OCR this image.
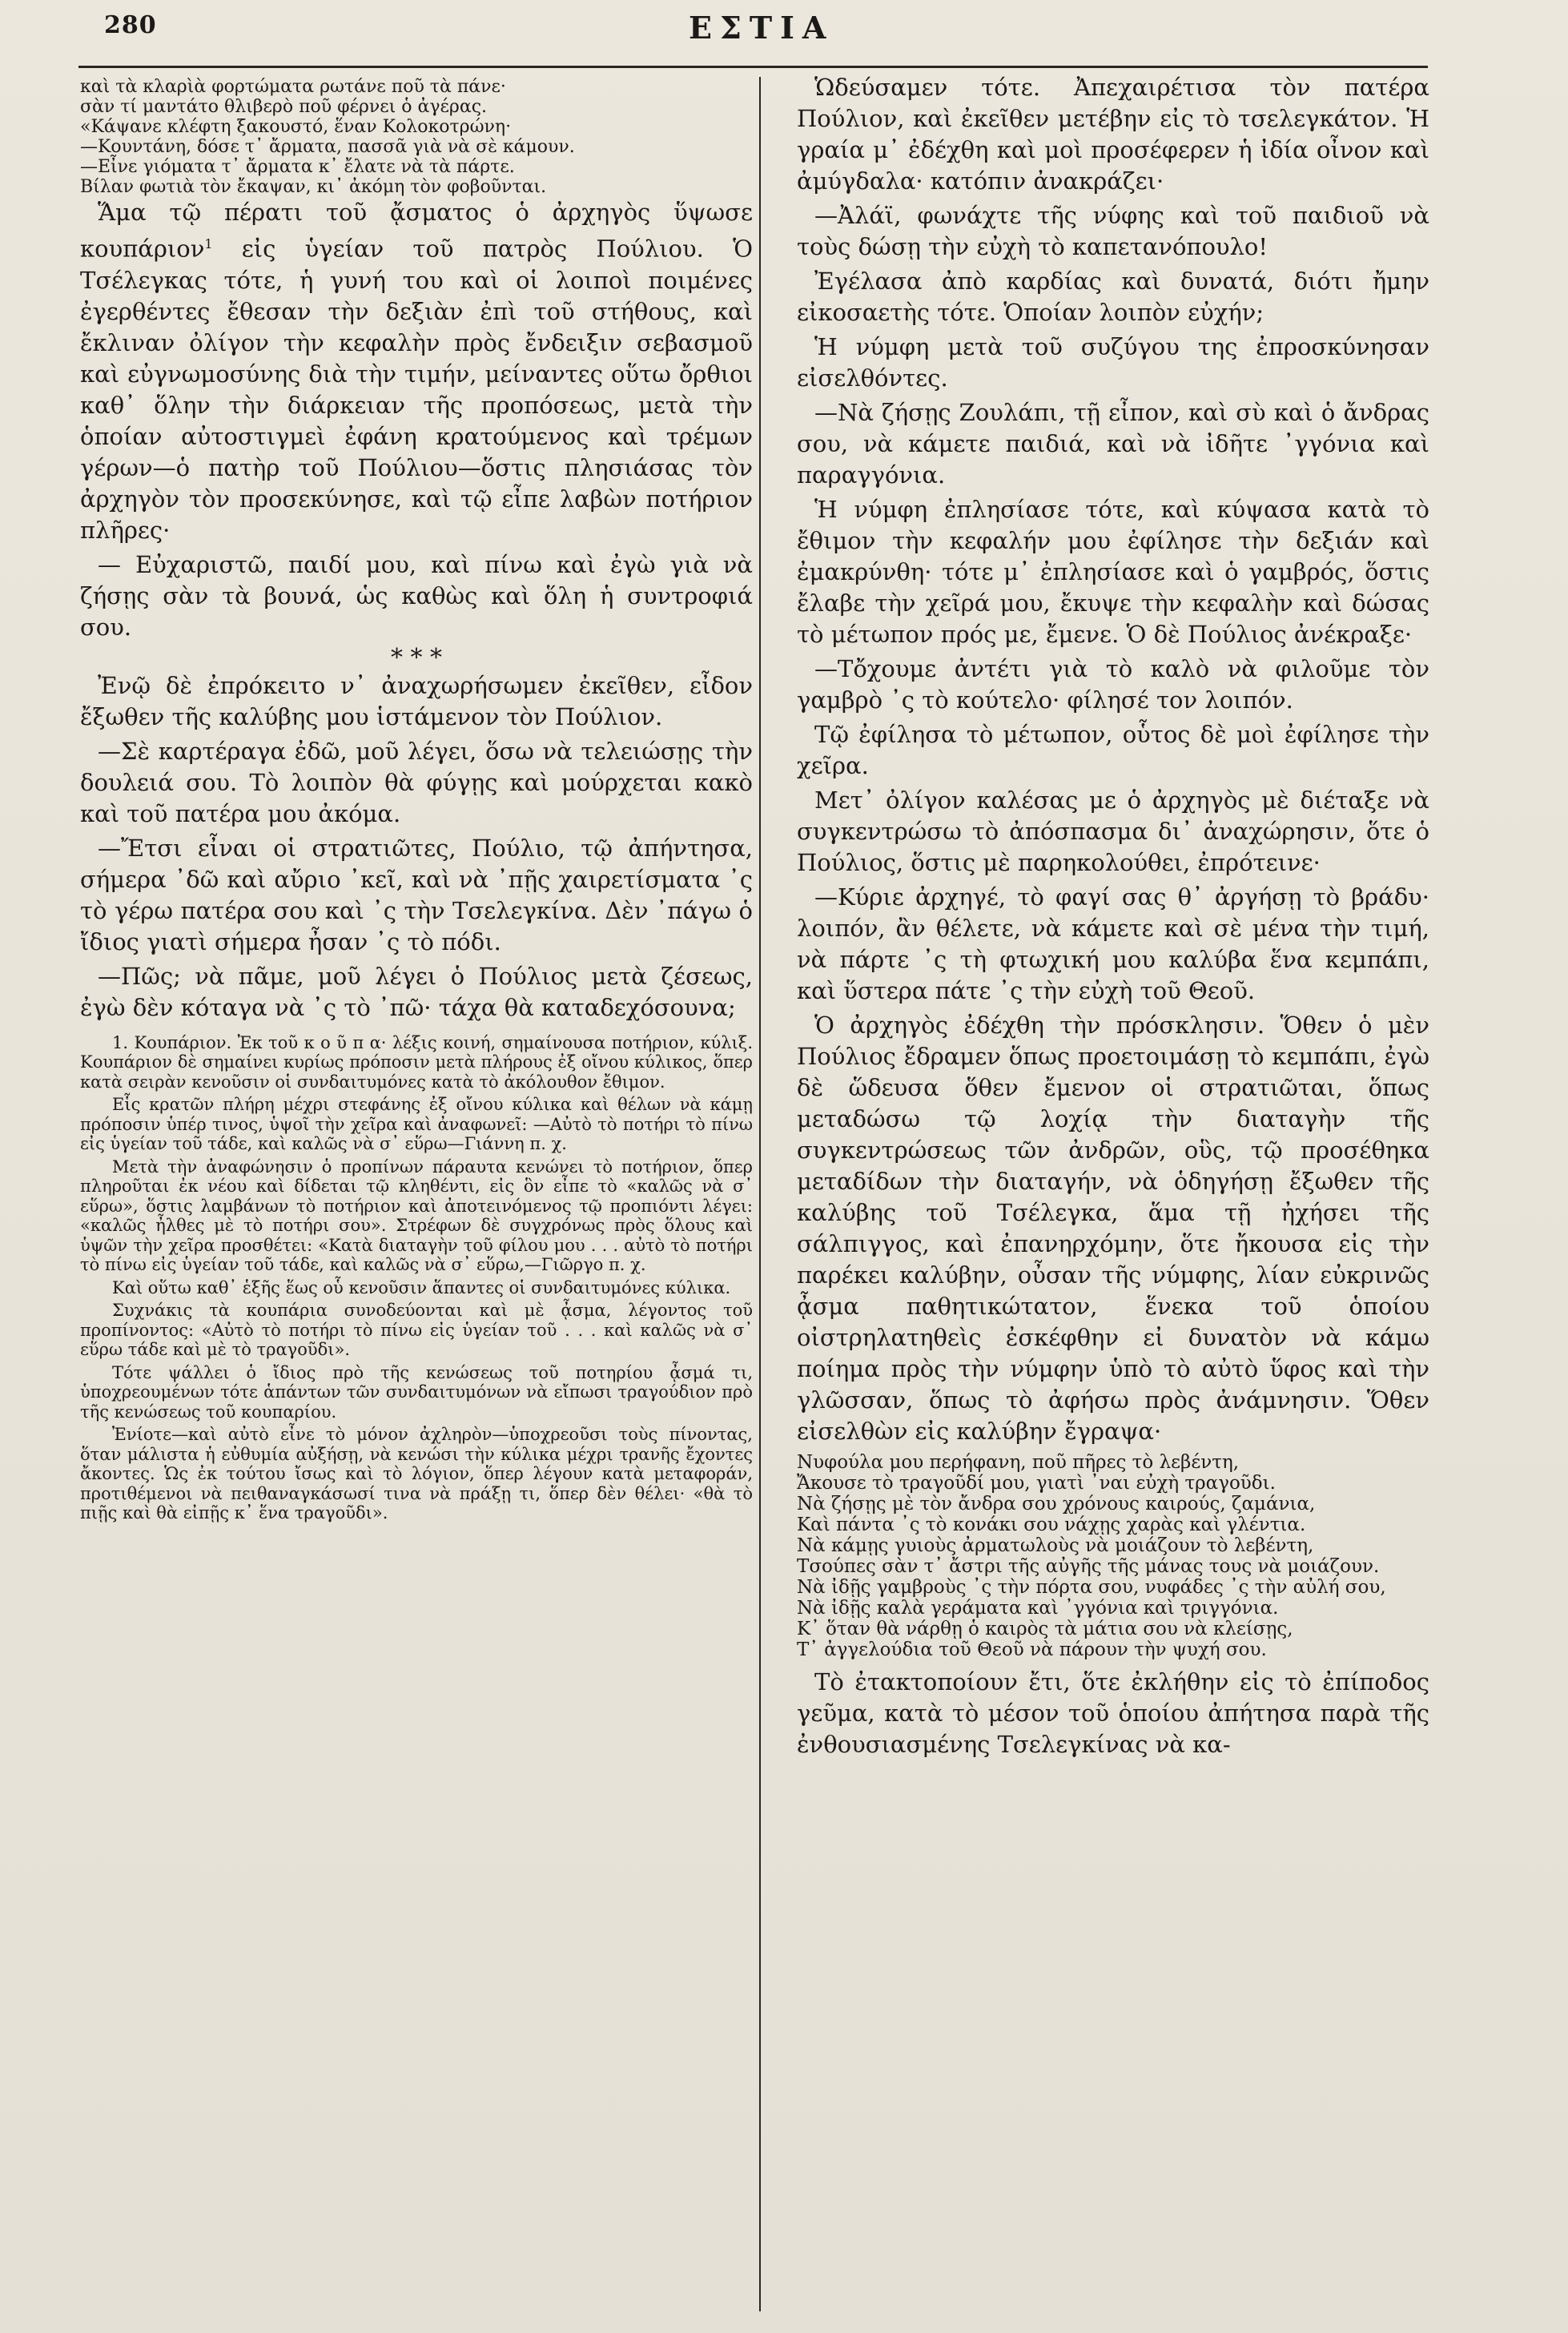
280	ΕΣΤΙΑ

καὶ τὰ κλαρὶὰ φορτώματα ρωτάνε ποῦ τὰ πάνε·
σὰν τί μαντάτο θλιβερὸ ποῦ φέρνει ὁ ἀγέρας.
«Κάψανε κλέφτη ξακουστό, ἕναν Κολοκοτρώνη·
—Κουντάνη, δόσε τ᾽ ἄρματα, πασσᾶ γιὰ νὰ σὲ κάμουν.
—Εἶνε γιόματα τ᾽ ἄρματα κ᾽ ἔλατε νὰ τὰ πάρτε.
Βίλαν φωτιὰ τὸν ἔκαψαν, κι᾽ ἀκόμη τὸν φοβοῦνται.

Ἅμα τῷ πέρατι τοῦ ᾄσματος ὁ ἀρχηγὸς ὕψωσε κουπάριον$^1$ εἰς ὑγείαν τοῦ πατρὸς Πούλιου. Ὁ Τσέλεγκας τότε, ἡ γυνή του καὶ οἱ λοιποὶ ποιμένες ἐγερθέντες ἔθεσαν τὴν δεξιὰν ἐπὶ τοῦ στήθους, καὶ ἔκλιναν ὀλίγον τὴν κεφαλὴν πρὸς ἔνδειξιν σεβασμοῦ καὶ εὐγνωμοσύνης διὰ τὴν τιμήν, μείναντες οὕτω ὄρθιοι καθ᾽ ὅλην τὴν διάρκειαν τῆς προπόσεως, μετὰ τὴν ὁποίαν αὐτοστιγμεὶ ἐφάνη κρατούμενος καὶ τρέμων γέρων—ὁ πατὴρ τοῦ Πούλιου—ὅστις πλησιάσας τὸν ἀρχηγὸν τὸν προσεκύνησε, καὶ τῷ εἶπε λαβὼν ποτήριον πλῆρες·

— Εὐχαριστῶ, παιδί μου, καὶ πίνω καὶ ἐγὼ γιὰ νὰ ζήσῃς σὰν τὰ βουνά, ὡς καθὼς καὶ ὅλη ἡ συντροφιά σου.

* * *

Ἐνῷ δὲ ἐπρόκειτο ν᾽ ἀναχωρήσωμεν ἐκεῖθεν, εἶδον ἔξωθεν τῆς καλύβης μου ἱστάμενον τὸν Πούλιον.

—Σὲ καρτέραγα ἐδῶ, μοῦ λέγει, ὅσω νὰ τελειώσῃς τὴν δουλειά σου. Τὸ λοιπὸν θὰ φύγῃς καὶ μούρχεται κακὸ καὶ τοῦ πατέρα μου ἀκόμα.

—Ἔτσι εἶναι οἱ στρατιῶτες, Πούλιο, τῷ ἀπήντησα, σήμερα ᾽δῶ καὶ αὔριο ᾽κεῖ, καὶ νὰ ᾽πῇς χαιρετίσματα ᾽ς τὸ γέρω πατέρα σου καὶ ᾽ς τὴν Τσελεγκίνα. Δὲν ᾽πάγω ὁ ἴδιος γιατὶ σήμερα ἦσαν ᾽ς τὸ πόδι.

—Πῶς; νὰ πᾶμε, μοῦ λέγει ὁ Πούλιος μετὰ ζέσεως, ἐγὼ δὲν κόταγα νὰ ᾽ς τὸ ᾽πῶ· τάχα θὰ καταδεχόσουνα;

1. Κουπάριον. Ἐκ τοῦ κ ο ῦ π α· λέξις κοινή, σημαίνουσα ποτήριον, κύλιξ. Κουπάριον δὲ σημαίνει κυρίως πρόποσιν μετὰ πλήρους ἐξ οἴνου κύλικος, ὅπερ κατὰ σειρὰν κενοῦσιν οἱ συνδαιτυμόνες κατὰ τὸ ἀκόλουθον ἔθιμον.

Εἷς κρατῶν πλήρη μέχρι στεφάνης ἐξ οἴνου κύλικα καὶ θέλων νὰ κάμῃ πρόποσιν ὑπέρ τινος, ὑψοῖ τὴν χεῖρα καὶ ἀναφωνεῖ: —Αὐτὸ τὸ ποτήρι τὸ πίνω εἰς ὑγείαν τοῦ τάδε, καὶ καλῶς νὰ σ᾽ εὕρω—Γιάννη π. χ.

Μετὰ τὴν ἀναφώνησιν ὁ προπίνων πάραυτα κενώνει τὸ ποτήριον, ὅπερ πληροῦται ἐκ νέου καὶ δίδεται τῷ κληθέντι, εἰς ὃν εἶπε τὸ «καλῶς νὰ σ᾽ εὕρω», ὅστις λαμβάνων τὸ ποτήριον καὶ ἀποτεινόμενος τῷ προπιόντι λέγει: «καλῶς ἦλθες μὲ τὸ ποτήρι σου». Στρέφων δὲ συγχρόνως πρὸς ὅλους καὶ ὑψῶν τὴν χεῖρα προσθέτει: «Κατὰ διαταγὴν τοῦ φίλου μου . . . αὐτὸ τὸ ποτήρι τὸ πίνω εἰς ὑγείαν τοῦ τάδε, καὶ καλῶς νὰ σ᾽ εὕρω,—Γιῶργο π. χ.

Καὶ οὕτω καθ᾽ ἑξῆς ἕως οὗ κενοῦσιν ἅπαντες οἱ συνδαιτυμόνες κύλικα.

Συχνάκις τὰ κουπάρια συνοδεύονται καὶ μὲ ᾆσμα, λέγοντος τοῦ προπίνοντος: «Αὐτὸ τὸ ποτήρι τὸ πίνω εἰς ὑγείαν τοῦ . . . καὶ καλῶς νὰ σ᾽ εὕρω τάδε καὶ μὲ τὸ τραγοῦδι».

Τότε ψάλλει ὁ ἴδιος πρὸ τῆς κενώσεως τοῦ ποτηρίου ᾆσμά τι, ὑποχρεουμένων τότε ἁπάντων τῶν συνδαιτυμόνων νὰ εἴπωσι τραγούδιον πρὸ τῆς κενώσεως τοῦ κουπαρίου.

Ἐνίοτε—καὶ αὐτὸ εἶνε τὸ μόνον ἀχληρὸν—ὑποχρεοῦσι τοὺς πίνοντας, ὅταν μάλιστα ἡ εὐθυμία αὐξήσῃ, νὰ κενώσι τὴν κύλικα μέχρι τρανῆς ἔχοντες ἄκοντες. Ὡς ἐκ τούτου ἴσως καὶ τὸ λόγιον, ὅπερ λέγουν κατὰ μεταφοράν, προτιθέμενοι νὰ πειθαναγκάσωσί τινα νὰ πράξῃ τι, ὅπερ δὲν θέλει· «θὰ τὸ πιῇς καὶ θὰ εἰπῇς κ᾽ ἕνα τραγοῦδι».

Ὡδεύσαμεν τότε. Ἀπεχαιρέτισα τὸν πατέρα Πούλιον, καὶ ἐκεῖθεν μετέβην εἰς τὸ τσελεγκάτον. Ἡ γραία μ᾽ ἐδέχθη καὶ μοὶ προσέφερεν ἡ ἰδία οἶνον καὶ ἀμύγδαλα· κατόπιν ἀνακράζει·

—Ἀλάϊ, φωνάχτε τῆς νύφης καὶ τοῦ παιδιοῦ νὰ τοὺς δώσῃ τὴν εὐχὴ τὸ καπετανόπουλο!

Ἐγέλασα ἀπὸ καρδίας καὶ δυνατά, διότι ἤμην εἰκοσαετὴς τότε. Ὁποίαν λοιπὸν εὐχήν;

Ἡ νύμφη μετὰ τοῦ συζύγου της ἐπροσκύνησαν εἰσελθόντες.

—Νὰ ζήσῃς Ζουλάπι, τῇ εἶπον, καὶ σὺ καὶ ὁ ἄνδρας σου, νὰ κάμετε παιδιά, καὶ νὰ ἰδῆτε ᾽γγόνια καὶ παραγγόνια.

Ἡ νύμφη ἐπλησίασε τότε, καὶ κύψασα κατὰ τὸ ἔθιμον τὴν κεφαλήν μου ἐφίλησε τὴν δεξιάν καὶ ἐμακρύνθη· τότε μ᾽ ἐπλησίασε καὶ ὁ γαμβρός, ὅστις ἔλαβε τὴν χεῖρά μου, ἔκυψε τὴν κεφαλὴν καὶ δώσας τὸ μέτωπον πρός με, ἔμενε. Ὁ δὲ Πούλιος ἀνέκραξε·

—Τὄχουμε ἀντέτι γιὰ τὸ καλὸ νὰ φιλοῦμε τὸν γαμβρὸ ᾽ς τὸ κούτελο· φίλησέ τον λοιπόν.

Τῷ ἐφίλησα τὸ μέτωπον, οὗτος δὲ μοὶ ἐφίλησε τὴν χεῖρα.

Μετ᾽ ὀλίγον καλέσας με ὁ ἀρχηγὸς μὲ διέταξε νὰ συγκεντρώσω τὸ ἀπόσπασμα δι᾽ ἀναχώρησιν, ὅτε ὁ Πούλιος, ὅστις μὲ παρηκολούθει, ἐπρότεινε·

—Κύριε ἀρχηγέ, τὸ φαγί σας θ᾽ ἀργήσῃ τὸ βράδυ· λοιπόν, ἂν θέλετε, νὰ κάμετε καὶ σὲ μένα τὴν τιμή, νὰ πάρτε ᾽ς τὴ φτωχική μου καλύβα ἕνα κεμπάπι, καὶ ὕστερα πάτε ᾽ς τὴν εὐχὴ τοῦ Θεοῦ.

Ὁ ἀρχηγὸς ἐδέχθη τὴν πρόσκλησιν. Ὅθεν ὁ μὲν Πούλιος ἔδραμεν ὅπως προετοιμάσῃ τὸ κεμπάπι, ἐγὼ δὲ ὥδευσα ὅθεν ἔμενον οἱ στρατιῶται, ὅπως μεταδώσω τῷ λοχίᾳ τὴν διαταγὴν τῆς συγκεντρώσεως τῶν ἀνδρῶν, οὓς, τῷ προσέθηκα μεταδίδων τὴν διαταγήν, νὰ ὁδηγήσῃ ἔξωθεν τῆς καλύβης τοῦ Τσέλεγκα, ἅμα τῇ ἠχήσει τῆς σάλπιγγος, καὶ ἐπανηρχόμην, ὅτε ἤκουσα εἰς τὴν παρέκει καλύβην, οὖσαν τῆς νύμφης, λίαν εὐκρινῶς ᾆσμα παθητικώτατον, ἕνεκα τοῦ ὁποίου οἰστρηλατηθεὶς ἐσκέφθην εἰ δυνατὸν νὰ κάμω ποίημα πρὸς τὴν νύμφην ὑπὸ τὸ αὐτὸ ὕφος καὶ τὴν γλῶσσαν, ὅπως τὸ ἀφήσω πρὸς ἀνάμνησιν. Ὅθεν εἰσελθὼν εἰς καλύβην ἔγραψα·

Νυφούλα μου περήφανη, ποῦ πῆρες τὸ λεβέντη,
Ἄκουσε τὸ τραγοῦδί μου, γιατὶ ᾽ναι εὐχὴ τραγοῦδι.
Νὰ ζήσῃς μὲ τὸν ἄνδρα σου χρόνους καιρούς, ζαμάνια,
Καὶ πάντα ᾽ς τὸ κονάκι σου νάχῃς χαρὰς καὶ γλέντια.
Νὰ κάμῃς γυιοὺς ἀρματωλοὺς νὰ μοιάζουν τὸ λεβέντη,
Τσούπες σὰν τ᾽ ἄστρι τῆς αὐγῆς τῆς μάνας τους νὰ μοιάζουν.
Νὰ ἰδῇς γαμβροὺς ᾽ς τὴν πόρτα σου, νυφάδες ᾽ς τὴν αὐλή σου,
Νὰ ἰδῇς καλὰ γεράματα καὶ ᾽γγόνια καὶ τριγγόνια.
Κ᾽ ὅταν θὰ νάρθῃ ὁ καιρὸς τὰ μάτια σου νὰ κλείσῃς,
Τ᾽ ἀγγελούδια τοῦ Θεοῦ νὰ πάρουν τὴν ψυχή σου.

Τὸ ἐτακτοποίουν ἔτι, ὅτε ἐκλήθην εἰς τὸ ἐπίποδος γεῦμα, κατὰ τὸ μέσον τοῦ ὁποίου ἀπήτησα παρὰ τῆς ἐνθουσιασμένης Τσελεγκίνας νὰ κα-
